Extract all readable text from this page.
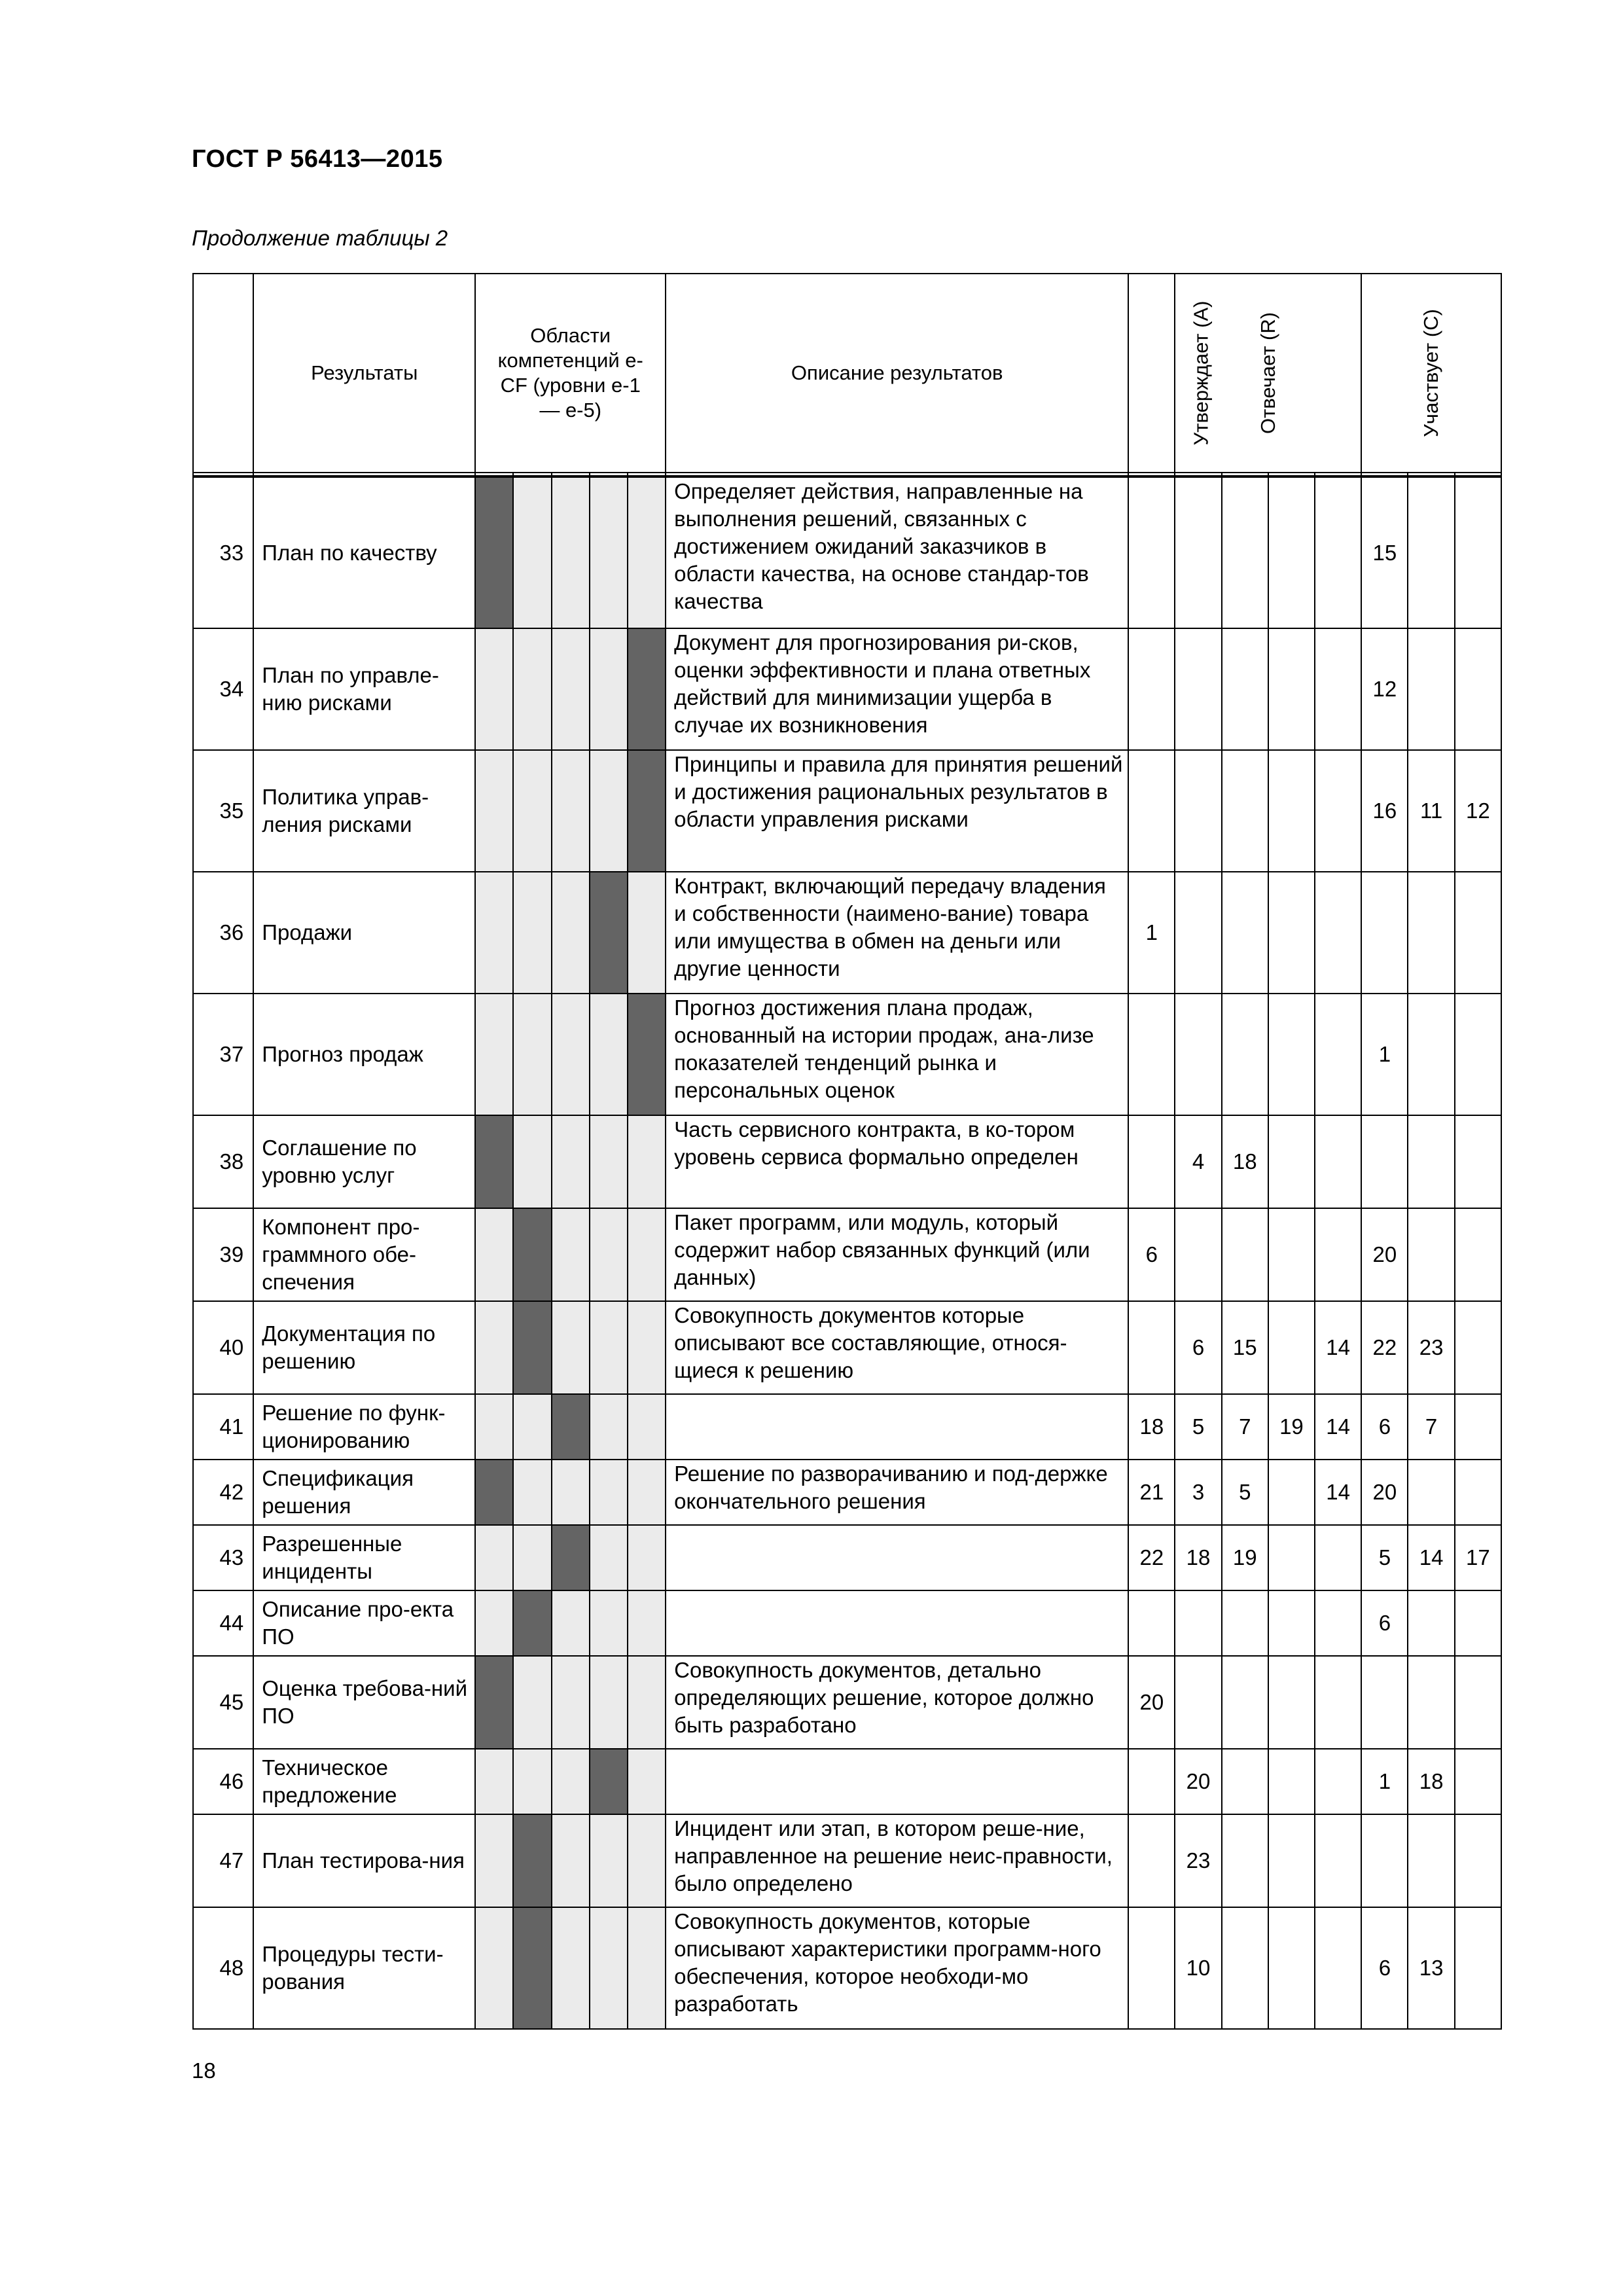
ГОСТ Р 56413—2015
Продолжение таблицы 2
	Результаты	Области компетенций e-CF (уровни е-1 — е-5)					Описание результатов	Утверждает (А)	Отвечает (R)				Участвует (С)		

33	План по качеству						Определяет действия, направленные на выполнения решений, связанных с достижением ожиданий заказчиков в области качества, на основе стандар-тов качества						15		
34	План по управле-нию рисками						Документ для прогнозирования ри-сков, оценки эффективности и плана ответных действий для минимизации ущерба в случае их возникновения						12		
35	Политика управ-ления рисками						Принципы и правила для принятия решений и достижения рациональных результатов в области управления рисками						16	11	12
36	Продажи						Контракт, включающий передачу владения и собственности (наимено-вание) товара или имущества в обмен на деньги или другие ценности	1							
37	Прогноз продаж						Прогноз достижения плана продаж, основанный на истории продаж, ана-лизе показателей тенденций рынка и персональных оценок						1		
38	Соглашение по уровню услуг						Часть сервисного контракта, в ко-тором уровень сервиса формально определен		4	18					
39	Компонент про-граммного обе-спечения						Пакет программ, или модуль, который содержит набор связанных функций (или данных)	6					20		
40	Документация по решению						Совокупность документов которые описывают все составляющие, относя-щиеся к решению		6	15		14	22	23	
41	Решение по функ-ционированию							18	5	7	19	14	6	7	
42	Спецификация решения						Решение по разворачиванию и под-держке окончательного решения	21	3	5		14	20		
43	Разрешенные инциденты							22	18	19			5	14	17
44	Описание про-екта ПО												6		
45	Оценка требова-ний ПО						Совокупность документов, детально определяющих решение, которое должно быть разработано	20							
46	Техническое предложение								20				1	18	
47	План тестирова-ния						Инцидент или этап, в котором реше-ние, направленное на решение неис-правности, было определено		23						
48	Процедуры тести-рования						Совокупность документов, которые описывают характеристики программ-ного обеспечения, которое необходи-мо разработать		10				6	13	
18
